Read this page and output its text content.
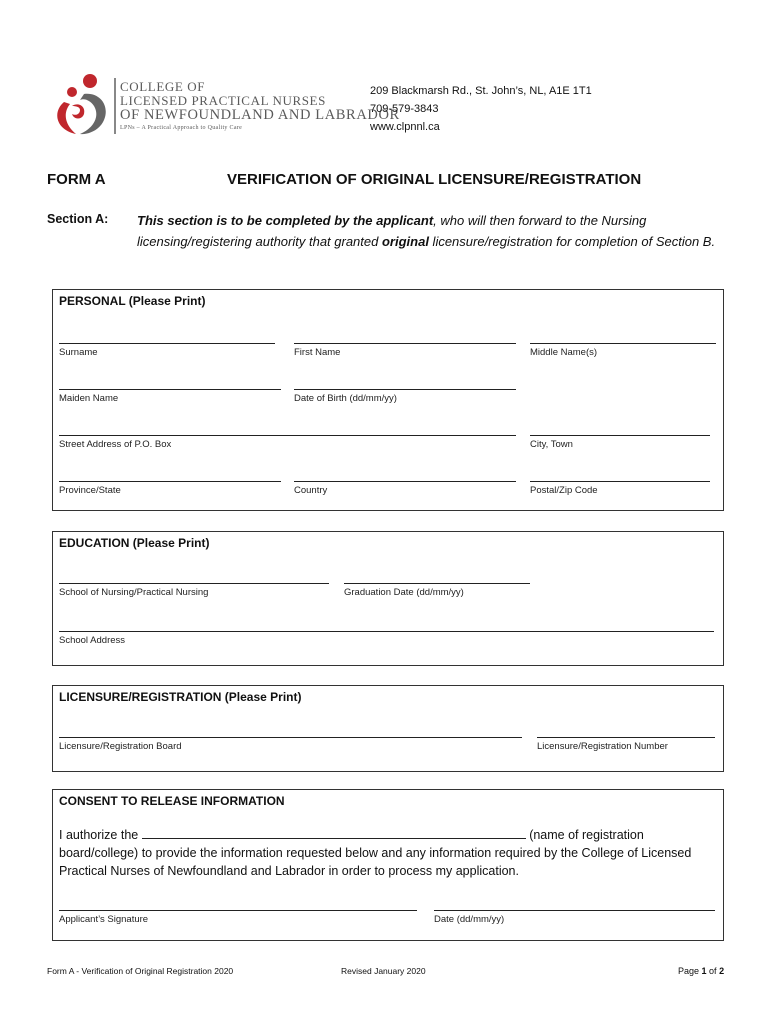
COLLEGE OF
LICENSED PRACTICAL NURSES
OF NEWFOUNDLAND AND LABRADOR
LPNs – A Practical Approach to Quality Care
209 Blackmarsh Rd., St. John’s, NL, A1E 1T1
709-579-3843
www.clpnnl.ca
FORM A	VERIFICATION OF ORIGINAL LICENSURE/REGISTRATION
Section A: This section is to be completed by the applicant, who will then forward to the Nursing licensing/registering authority that granted original licensure/registration for completion of Section B.
PERSONAL (Please Print)
Surname	First Name	Middle Name(s)
Maiden Name	Date of Birth (dd/mm/yy)
Street Address of P.O. Box	City, Town
Province/State	Country	Postal/Zip Code
EDUCATION (Please Print)
School of Nursing/Practical Nursing	Graduation Date (dd/mm/yy)
School Address
LICENSURE/REGISTRATION (Please Print)
Licensure/Registration Board	Licensure/Registration Number
CONSENT TO RELEASE INFORMATION
I authorize the	(name of registration board/college) to provide the information requested below and any information required by the College of Licensed Practical Nurses of Newfoundland and Labrador in order to process my application.
Applicant’s Signature	Date (dd/mm/yy)
Form A - Verification of Original Registration 2020	Revised January 2020	Page 1 of 2
